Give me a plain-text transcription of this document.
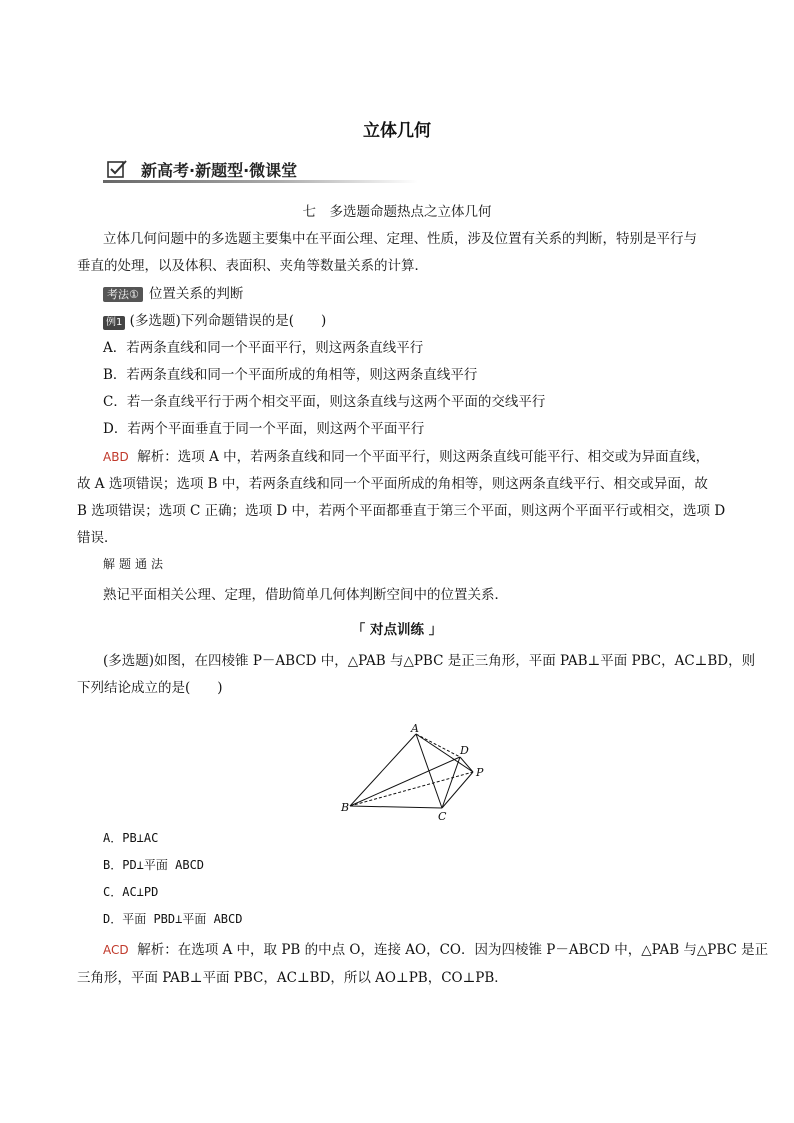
立体几何
新高考·新题型·微课堂
七　多选题命题热点之立体几何
立体几何问题中的多选题主要集中在平面公理、定理、性质，涉及位置有关系的判断，特别是平行与
垂直的处理，以及体积、表面积、夹角等数量关系的计算．
考法① 位置关系的判断
例1 (多选题)下列命题错误的是(　　)
A．若两条直线和同一个平面平行，则这两条直线平行
B．若两条直线和同一个平面所成的角相等，则这两条直线平行
C．若一条直线平行于两个相交平面，则这条直线与这两个平面的交线平行
D．若两个平面垂直于同一个平面，则这两个平面平行
ABD 解析：选项 A 中，若两条直线和同一个平面平行，则这两条直线可能平行、相交或为异面直线，
故 A 选项错误；选项 B 中，若两条直线和同一个平面所成的角相等，则这两条直线平行、相交或异面，故
B 选项错误；选项 C 正确；选项 D 中，若两个平面都垂直于第三个平面，则这两个平面平行或相交，选项 D
错误．
解题通法
熟记平面相关公理、定理，借助简单几何体判断空间中的位置关系．
「 对点训练 」
(多选题)如图，在四棱锥 P－ABCD 中，△PAB 与△PBC 是正三角形，平面 PAB⊥平面 PBC，AC⊥BD，则
下列结论成立的是(　　)
A
B
C
D
P
A．PB⊥AC
B．PD⊥平面 ABCD
C．AC⊥PD
D．平面 PBD⊥平面 ABCD
ACD 解析：在选项 A 中，取 PB 的中点 O，连接 AO，CO．因为四棱锥 P－ABCD 中，△PAB 与△PBC 是正
三角形，平面 PAB⊥平面 PBC，AC⊥BD，所以 AO⊥PB，CO⊥PB．
